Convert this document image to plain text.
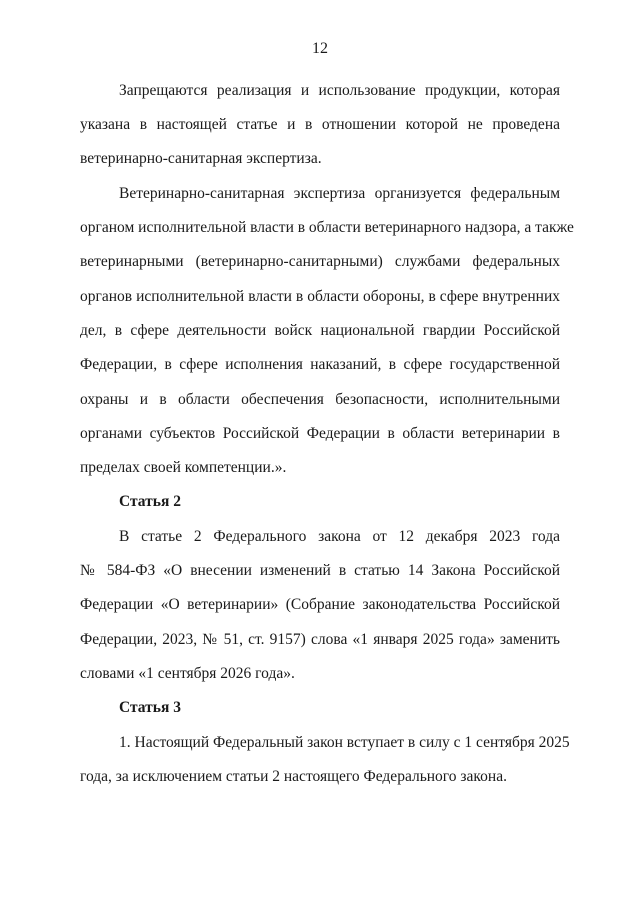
12
Запрещаются реализация и использование продукции, которая
указана в настоящей статье и в отношении которой не проведена
ветеринарно-санитарная экспертиза.
Ветеринарно-санитарная экспертиза организуется федеральным
органом исполнительной власти в области ветеринарного надзора, а также
ветеринарными (ветеринарно-санитарными) службами федеральных
органов исполнительной власти в области обороны, в сфере внутренних
дел, в сфере деятельности войск национальной гвардии Российской
Федерации, в сфере исполнения наказаний, в сфере государственной
охраны и в области обеспечения безопасности, исполнительными
органами субъектов Российской Федерации в области ветеринарии в
пределах своей компетенции.».
Статья 2
В статье 2 Федерального закона от 12 декабря 2023 года
№ 584-ФЗ «О внесении изменений в статью 14 Закона Российской
Федерации «О ветеринарии» (Собрание законодательства Российской
Федерации, 2023, № 51, ст. 9157) слова «1 января 2025 года» заменить
словами «1 сентября 2026 года».
Статья 3
1. Настоящий Федеральный закон вступает в силу с 1 сентября 2025
года, за исключением статьи 2 настоящего Федерального закона.
